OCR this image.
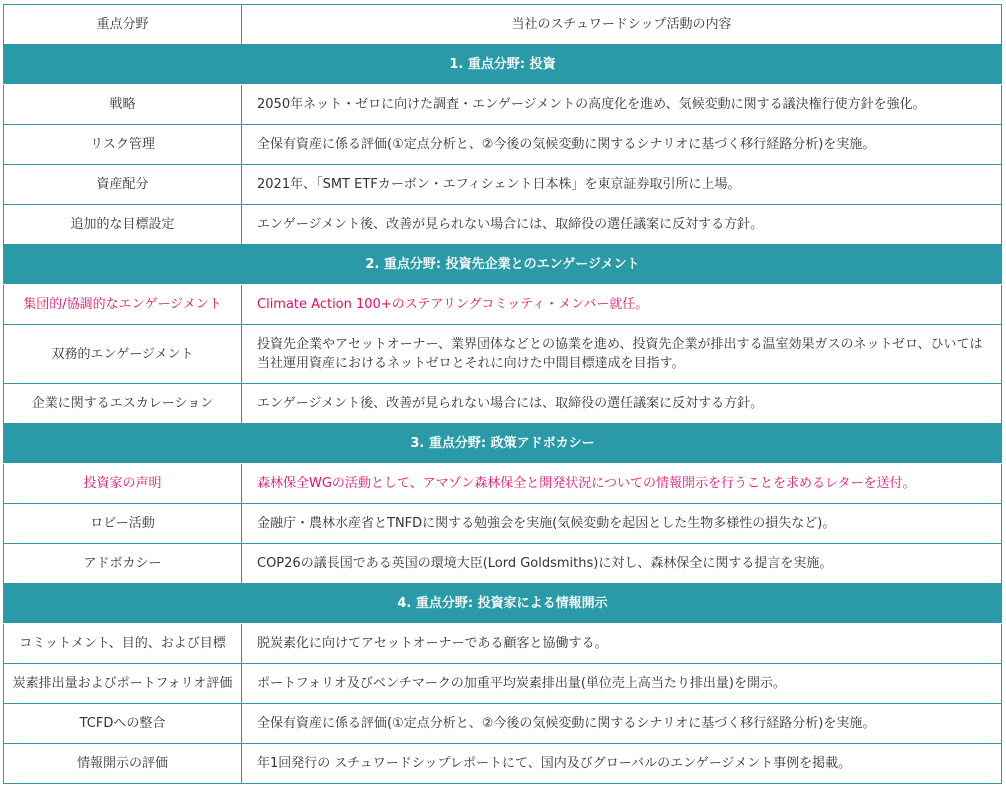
重点分野	当社のスチュワードシップ活動の内容
1. 重点分野: 投資	
戦略	2050年ネット・ゼロに向けた調査・エンゲージメントの高度化を進め、気候変動に関する議決権行使方針を強化。
リスク管理	全保有資産に係る評価(①定点分析と、②今後の気候変動に関するシナリオに基づく移行経路分析)を実施。
資産配分	2021年、「SMT ETFカーボン・エフィシェント日本株」を東京証券取引所に上場。
追加的な目標設定	エンゲージメント後、改善が見られない場合には、取締役の選任議案に反対する方針。
2. 重点分野: 投資先企業とのエンゲージメント	
集団的/協調的なエンゲージメント	Climate Action 100+のステアリングコミッティ・メンバー就任。
双務的エンゲージメント	投資先企業やアセットオーナー、業界団体などとの協業を進め、投資先企業が排出する温室効果ガスのネットゼロ、ひいては当社運用資産におけるネットゼロとそれに向けた中間目標達成を目指す。
企業に関するエスカレーション	エンゲージメント後、改善が見られない場合には、取締役の選任議案に反対する方針。
3. 重点分野: 政策アドボカシー	
投資家の声明	森林保全WGの活動として、アマゾン森林保全と開発状況についての情報開示を行うことを求めるレターを送付。
ロビー活動	金融庁・農林水産省とTNFDに関する勉強会を実施(気候変動を起因とした生物多様性の損失など)。
アドボカシー	COP26の議長国である英国の環境大臣(Lord Goldsmiths)に対し、森林保全に関する提言を実施。
4. 重点分野: 投資家による情報開示	
コミットメント、目的、および目標	脱炭素化に向けてアセットオーナーである顧客と協働する。
炭素排出量およびポートフォリオ評価	ポートフォリオ及びベンチマークの加重平均炭素排出量(単位売上高当たり排出量)を開示。
TCFDへの整合	全保有資産に係る評価(①定点分析と、②今後の気候変動に関するシナリオに基づく移行経路分析)を実施。
情報開示の評価	年1回発行の スチュワードシップレポートにて、国内及びグローバルのエンゲージメント事例を掲載。
